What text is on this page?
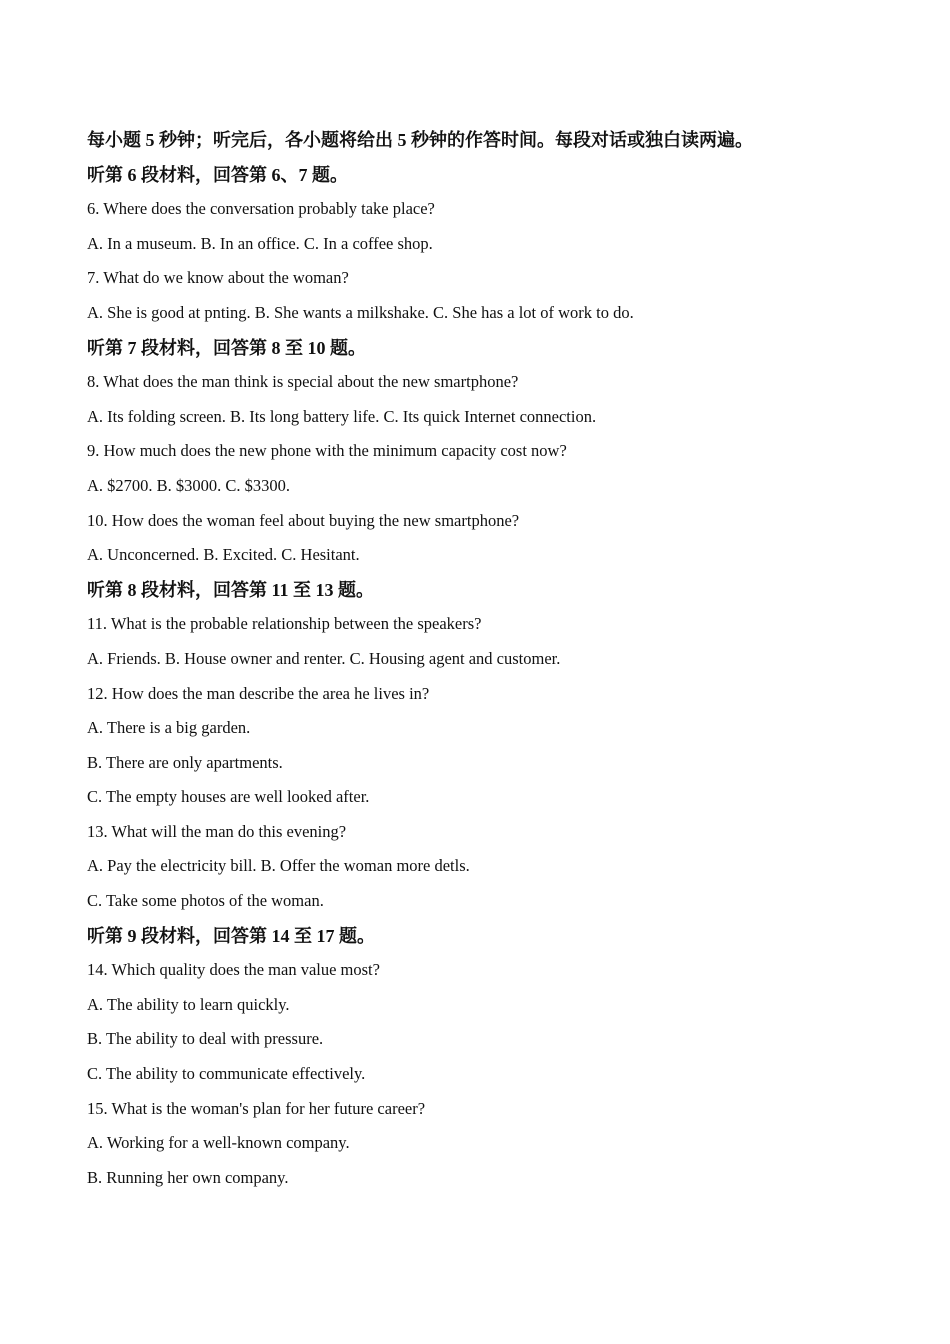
每小题 5 秒钟；听完后，各小题将给出 5 秒钟的作答时间。每段对话或独白读两遍。

听第 6 段材料，回答第 6、7 题。

6. Where does the conversation probably take place?

A. In a museum. B. In an office. C. In a coffee shop.

7. What do we know about the woman?

A. She is good at pnting. B. She wants a milkshake. C. She has a lot of work to do.

听第 7 段材料，回答第 8 至 10 题。

8. What does the man think is special about the new smartphone?

A. Its folding screen. B. Its long battery life. C. Its quick Internet connection.

9. How much does the new phone with the minimum capacity cost now?

A. $2700. B. $3000. C. $3300.

10. How does the woman feel about buying the new smartphone?

A. Unconcerned. B. Excited. C. Hesitant.

听第 8 段材料，回答第 11 至 13 题。

11. What is the probable relationship between the speakers?

A. Friends. B. House owner and renter. C. Housing agent and customer.

12. How does the man describe the area he lives in?

A. There is a big garden.

B. There are only apartments.

C. The empty houses are well looked after.

13. What will the man do this evening?

A. Pay the electricity bill. B. Offer the woman more detls.

C. Take some photos of the woman.

听第 9 段材料，回答第 14 至 17 题。

14. Which quality does the man value most?

A. The ability to learn quickly.

B. The ability to deal with pressure.

C. The ability to communicate effectively.

15. What is the woman's plan for her future career?

A. Working for a well-known company.

B. Running her own company.
